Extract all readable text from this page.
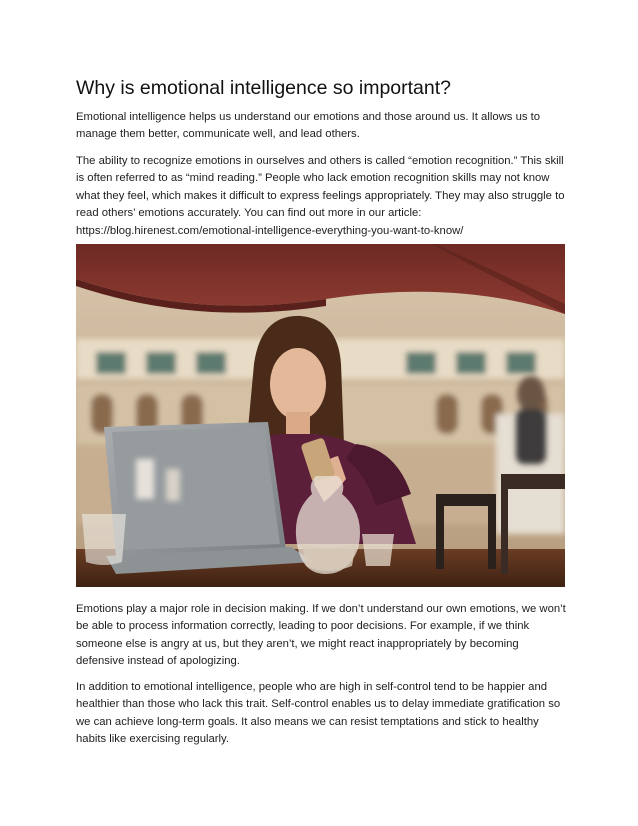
Why is emotional intelligence so important?

Emotional intelligence helps us understand our emotions and those around us. It allows us to manage them better, communicate well, and lead others.

The ability to recognize emotions in ourselves and others is called “emotion recognition.” This skill is often referred to as “mind reading.” People who lack emotion recognition skills may not know what they feel, which makes it difficult to express feelings appropriately. They may also struggle to read others’ emotions accurately. You can find out more in our article:
https://blog.hirenest.com/emotional-intelligence-everything-you-want-to-know/

Emotions play a major role in decision making. If we don’t understand our own emotions, we won’t be able to process information correctly, leading to poor decisions. For example, if we think someone else is angry at us, but they aren’t, we might react inappropriately by becoming defensive instead of apologizing.

In addition to emotional intelligence, people who are high in self-control tend to be happier and healthier than those who lack this trait. Self-control enables us to delay immediate gratification so we can achieve long-term goals. It also means we can resist temptations and stick to healthy habits like exercising regularly.
